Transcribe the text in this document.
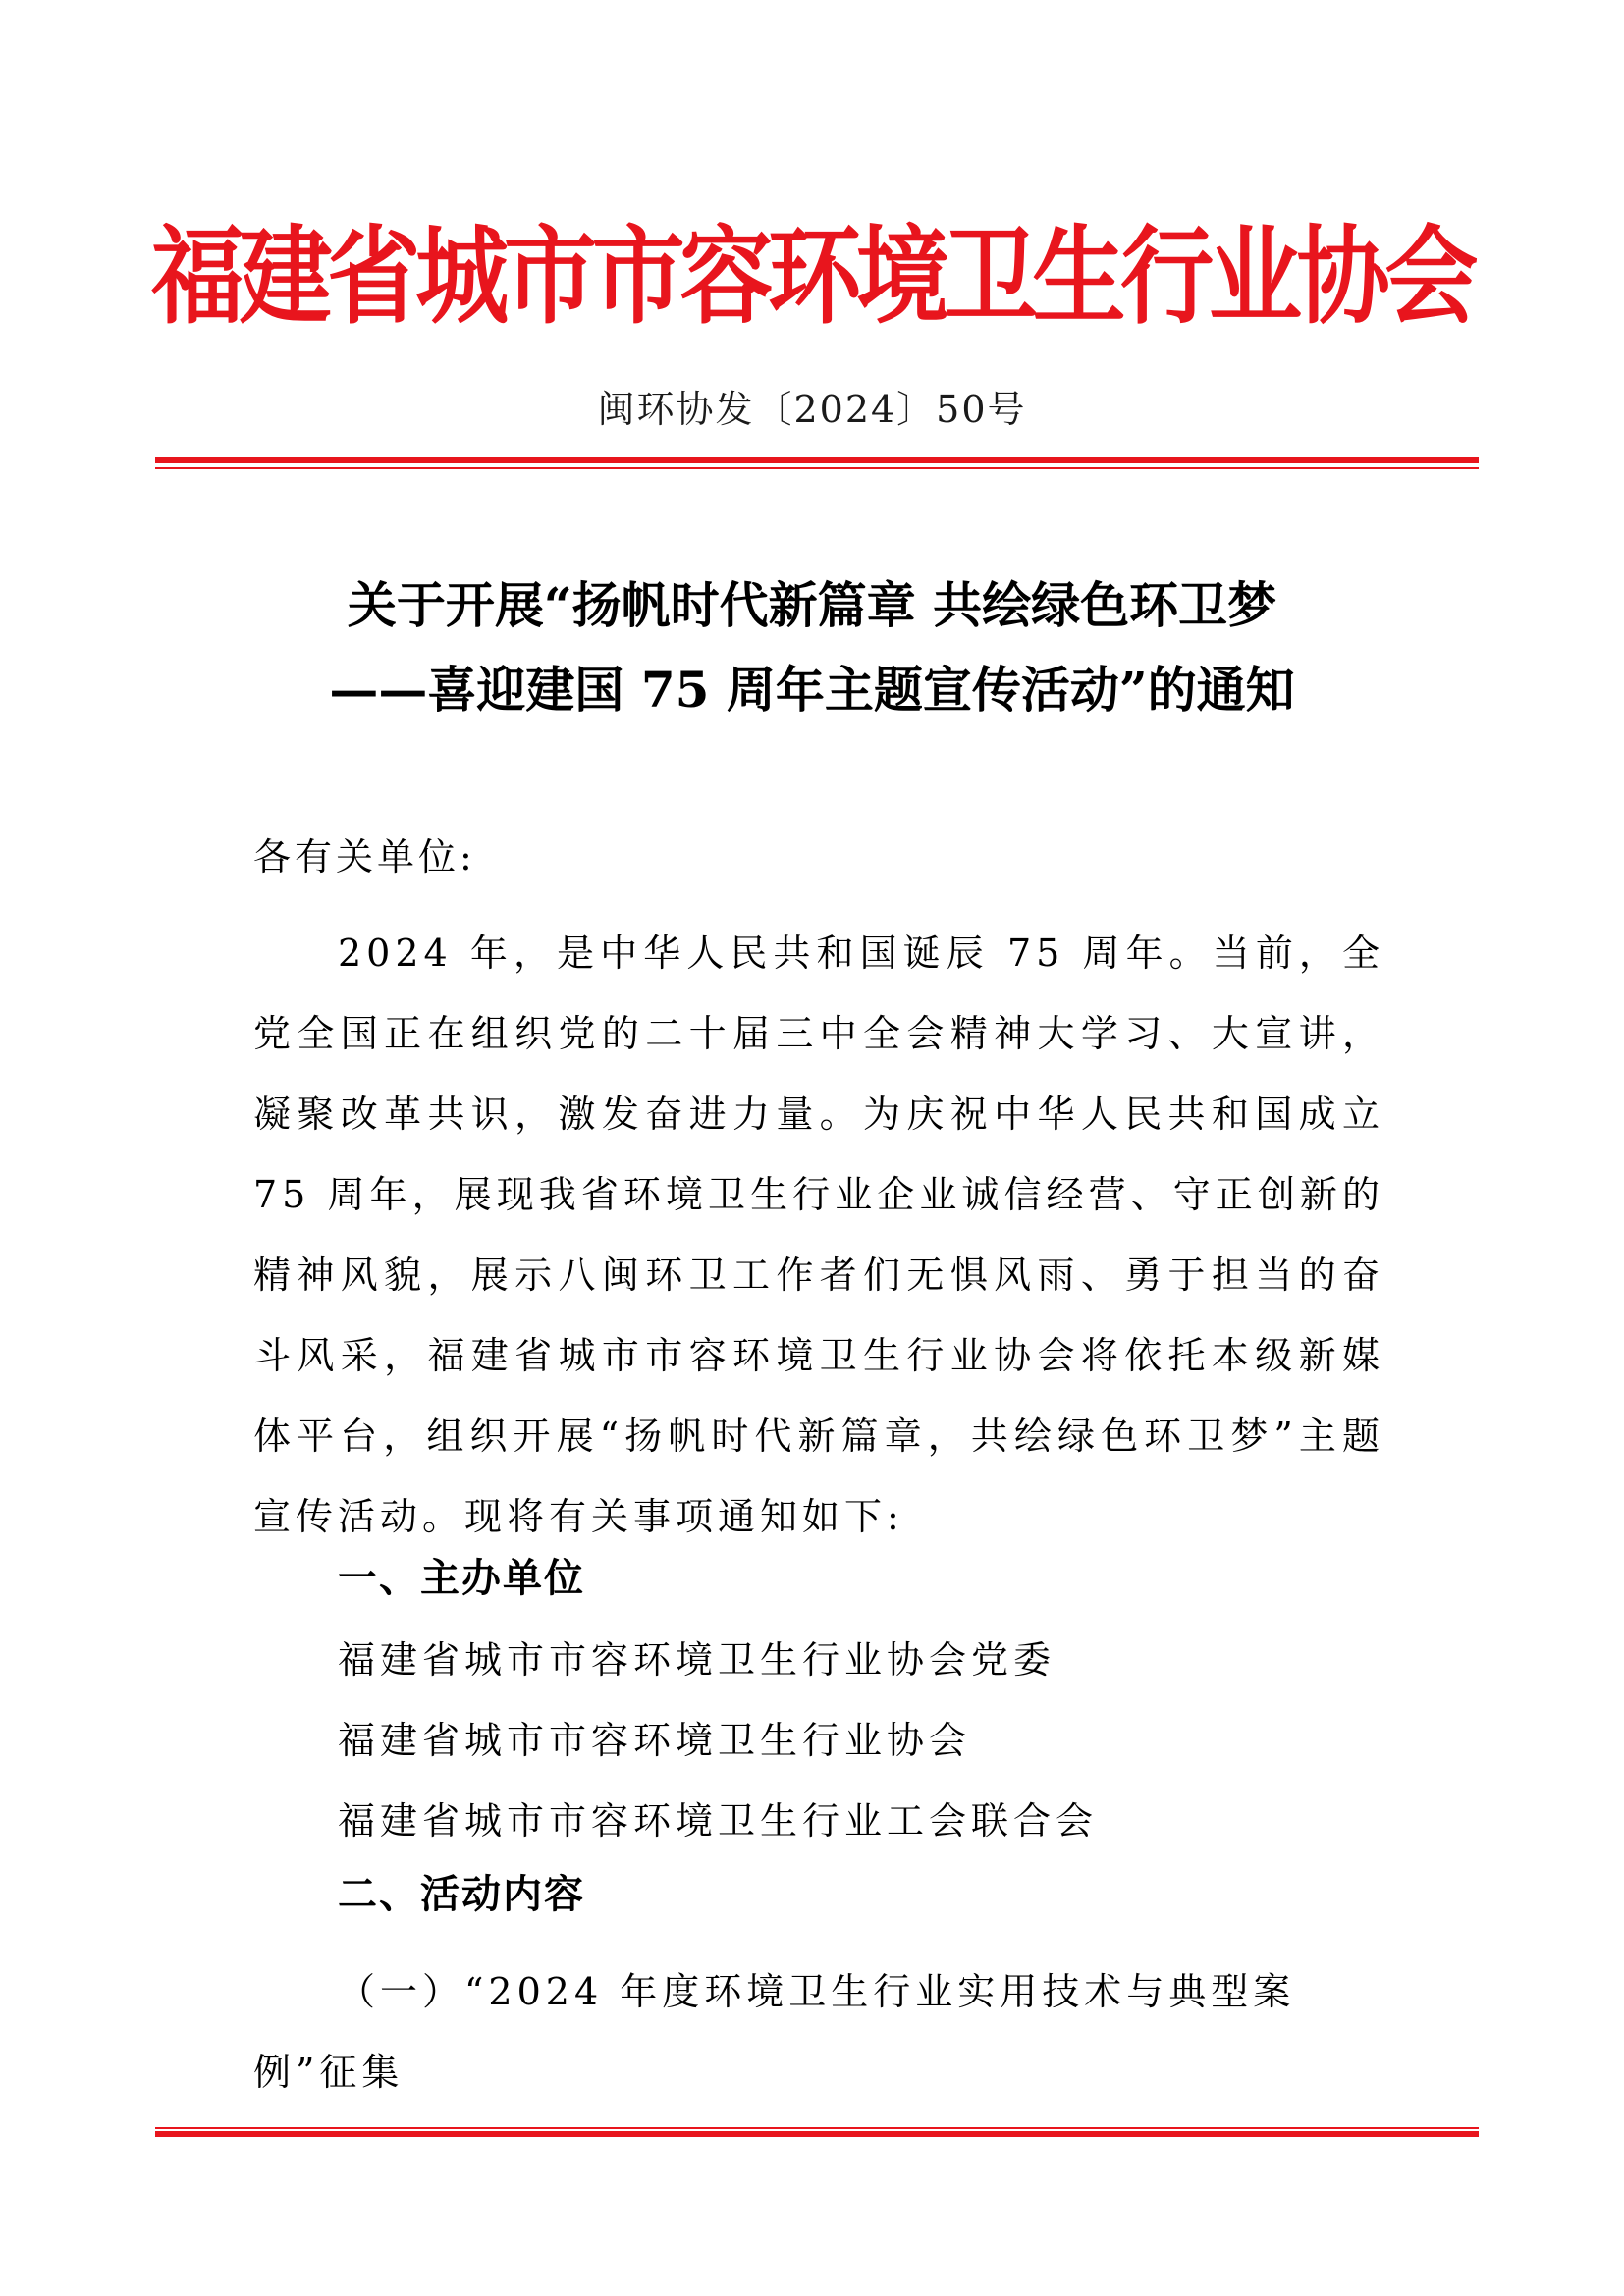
福建省城市市容环境卫生行业协会
闽环协发〔2024〕50号
关于开展“扬帆时代新篇章 共绘绿色环卫梦
——喜迎建国 75 周年主题宣传活动”的通知
各有关单位:
2024 年，是中华人民共和国诞辰 75 周年。当前，全党全国正在组织党的二十届三中全会精神大学习、大宣讲，凝聚改革共识，激发奋进力量。为庆祝中华人民共和国成立 75 周年，展现我省环境卫生行业企业诚信经营、守正创新的精神风貌，展示八闽环卫工作者们无惧风雨、勇于担当的奋斗风采，福建省城市市容环境卫生行业协会将依托本级新媒体平台，组织开展“扬帆时代新篇章，共绘绿色环卫梦”主题宣传活动。现将有关事项通知如下:
一、主办单位
福建省城市市容环境卫生行业协会党委
福建省城市市容环境卫生行业协会
福建省城市市容环境卫生行业工会联合会
二、活动内容
（一）“2024 年度环境卫生行业实用技术与典型案例”征集
